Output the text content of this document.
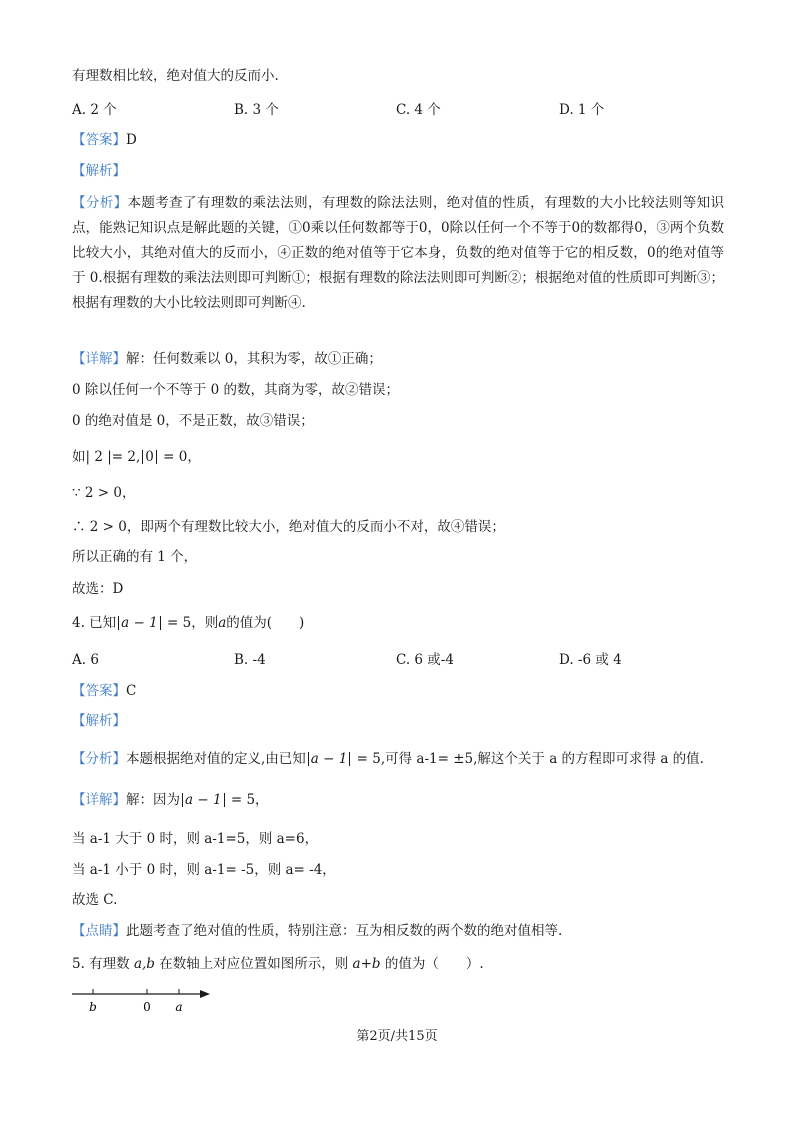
有理数相比较，绝对值大的反而小.
A. 2 个	B. 3 个	C. 4 个	D. 1 个
【答案】D
【解析】
【分析】本题考查了有理数的乘法法则，有理数的除法法则，绝对值的性质，有理数的大小比较法则等知识点，能熟记知识点是解此题的关键，①0乘以任何数都等于0，0除以任何一个不等于0的数都得0，③两个负数比较大小，其绝对值大的反而小，④正数的绝对值等于它本身，负数的绝对值等于它的相反数，0的绝对值等于 0.根据有理数的乘法法则即可判断①；根据有理数的除法法则即可判断②；根据绝对值的性质即可判断③；根据有理数的大小比较法则即可判断④.
【详解】解：任何数乘以 0，其积为零，故①正确；
0 除以任何一个不等于 0 的数，其商为零，故②错误；
0 的绝对值是 0，不是正数，故③错误；
如| 2 |= 2, 0 = 0，
∵ 2 > 0，
∴ 2 > 0，即两个有理数比较大小，绝对值大的反而小不对，故④错误；
所以正确的有 1 个，
故选：D
4. 已知 a − 1 = 5，则a的值为(　　)
A. 6	B. -4	C. 6 或-4	D. -6 或 4
【答案】C
【解析】
【分析】本题根据绝对值的定义,由已知 a − 1 = 5,可得 a-1= ±5,解这个关于 a 的方程即可求得 a 的值.
【详解】解：因为 a − 1 = 5，
当 a-1 大于 0 时，则 a-1=5，则 a=6，
当 a-1 小于 0 时，则 a-1= -5，则 a= -4，
故选 C.
【点睛】此题考查了绝对值的性质，特别注意：互为相反数的两个数的绝对值相等.
5. 有理数 a,b 在数轴上对应位置如图所示，则 a+b 的值为（　　）.
b	0 a
第2页/共15页
